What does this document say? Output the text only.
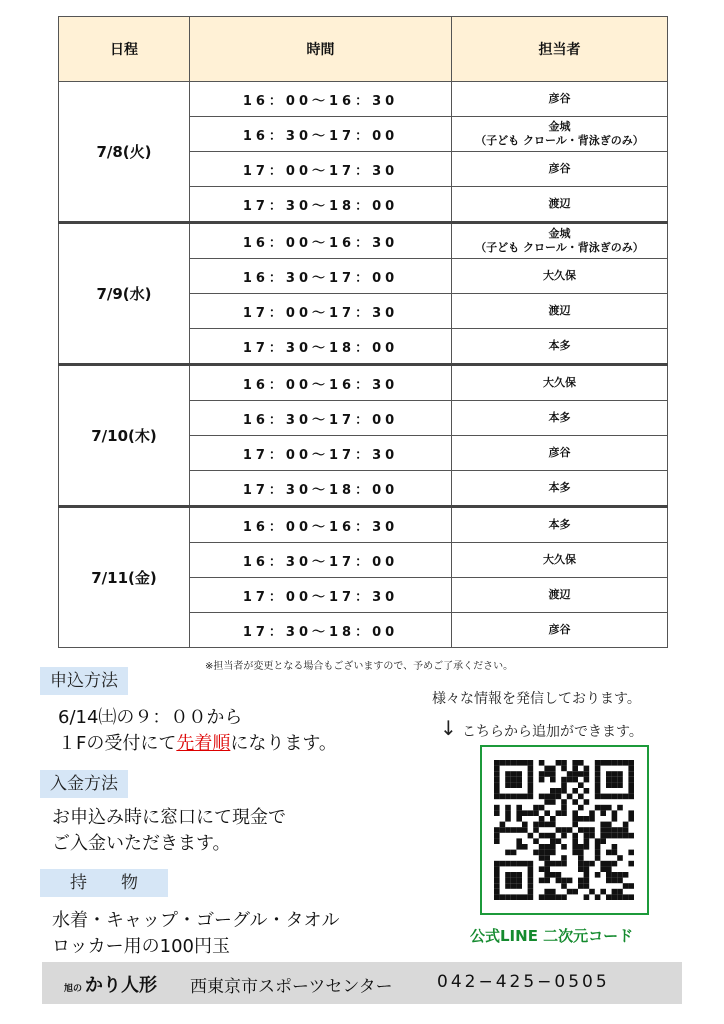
日程	時間	担当者
7/8(火)	16：00～16：30	彦谷
	16：30～17：00	金城
（子ども クロール・背泳ぎのみ）
	17：00～17：30	彦谷
	17：30～18：00	渡辺
7/9(水)	16：00～16：30	金城
（子ども クロール・背泳ぎのみ）
	16：30～17：00	大久保
	17：00～17：30	渡辺
	17：30～18：00	本多
7/10(木)	16：00～16：30	大久保
	16：30～17：00	本多
	17：00～17：30	彦谷
	17：30～18：00	本多
7/11(金)	16：00～16：30	本多
	16：30～17：00	大久保
	17：00～17：30	渡辺
	17：30～18：00	彦谷
※担当者が変更となる場合もございますので、予めご了承ください。
申込方法
6/14㈯の９：００から
１Fの受付にて先着順になります。
入金方法
お申込み時に窓口にて現金で
ご入金いただきます。
持　　物
水着・キャップ・ゴーグル・タオル
ロッカー用の100円玉
様々な情報を発信しております。
↓ こちらから追加ができます。
公式LINE 二次元コード
旭の かり人形 西東京市スポーツセンター	042−425−0505
